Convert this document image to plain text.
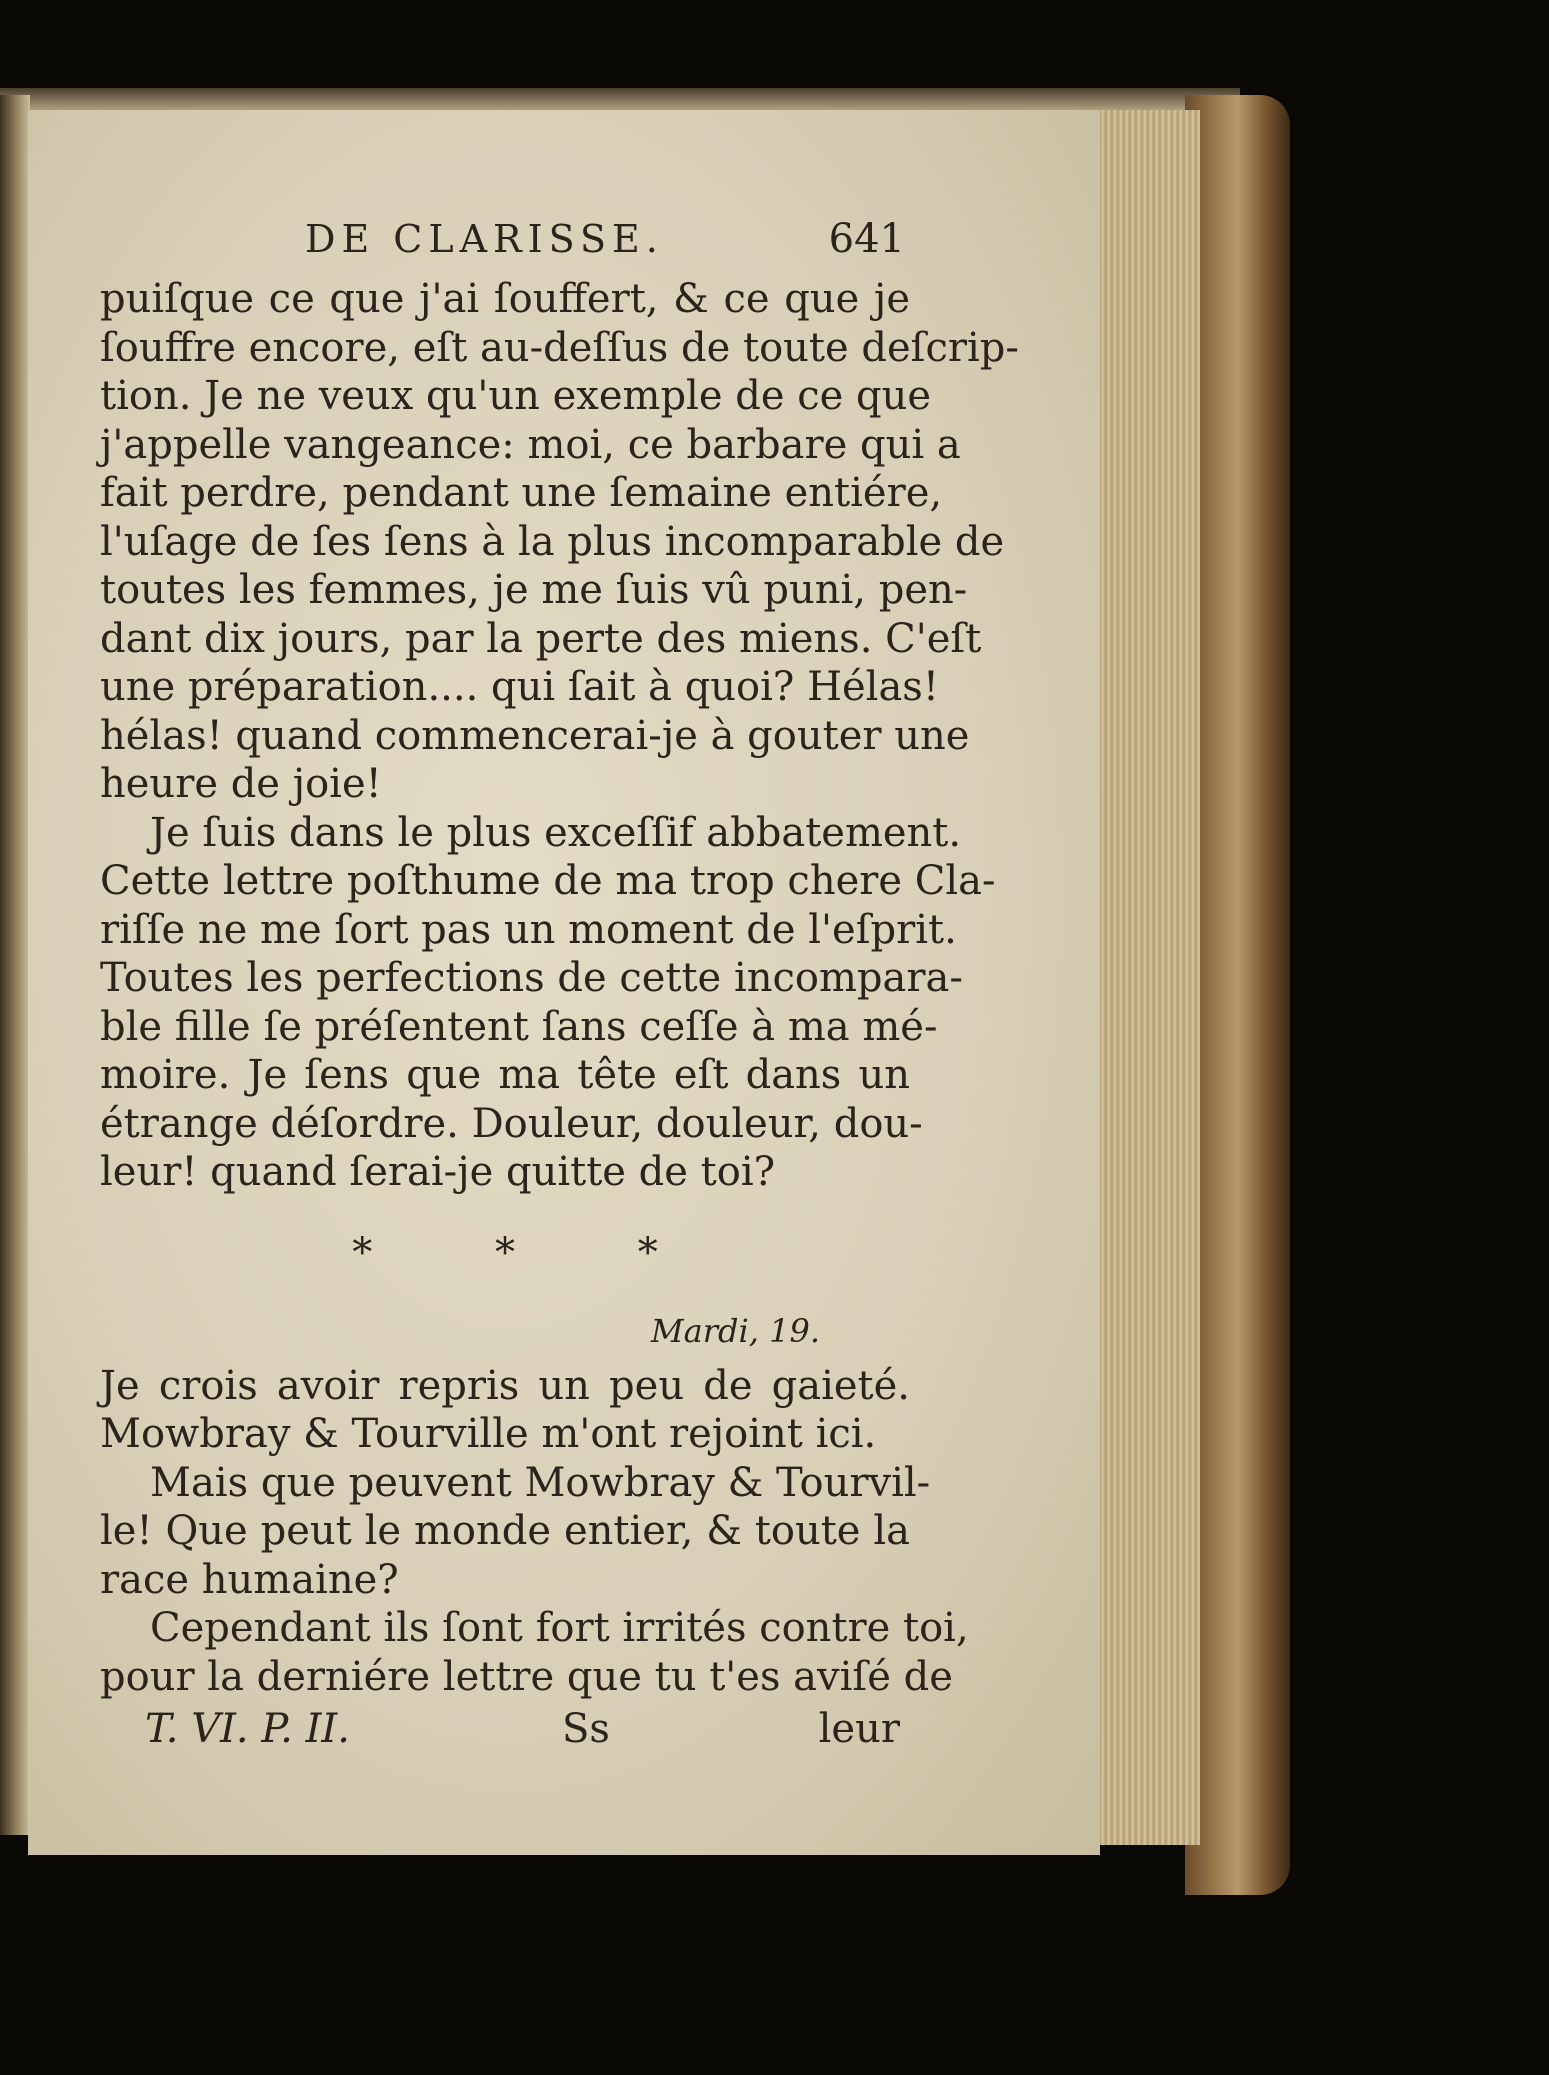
DE CLARISSE.	641
puiſque ce que j'ai ſouffert, & ce que je
ſouffre encore, eſt au-deſſus de toute deſcrip-
tion. Je ne veux qu'un exemple de ce que
j'appelle vangeance: moi, ce barbare qui a
fait perdre, pendant une ſemaine entiére,
l'uſage de ſes ſens à la plus incomparable de
toutes les femmes, je me ſuis vû puni, pen-
dant dix jours, par la perte des miens. C'eſt
une préparation.... qui ſait à quoi? Hélas!
hélas! quand commencerai-je à gouter une
heure de joie!
Je ſuis dans le plus exceſſif abbatement.
Cette lettre poſthume de ma trop chere Cla-
riſſe ne me ſort pas un moment de l'eſprit.
Toutes les perfections de cette incompara-
ble fille ſe préſentent ſans ceſſe à ma mé-
moire. Je ſens que ma tête eſt dans un
étrange déſordre. Douleur, douleur, dou-
leur! quand ſerai-je quitte de toi?
* * *
Mardi, 19.
Je crois avoir repris un peu de gaieté.
Mowbray & Tourville m'ont rejoint ici.
Mais que peuvent Mowbray & Tourvil-
le! Que peut le monde entier, & toute la
race humaine?
Cependant ils ſont fort irrités contre toi,
pour la derniére lettre que tu t'es aviſé de
T. VI. P. II.	Ss	leur
